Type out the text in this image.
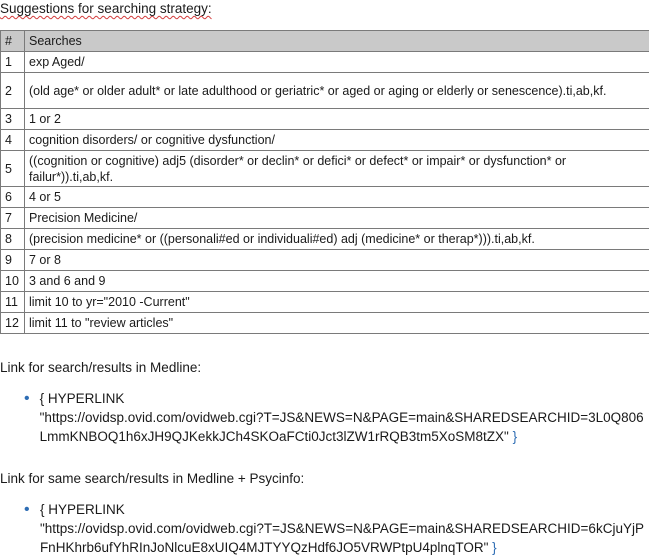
Suggestions for searching strategy:
#	Searches
1	exp Aged/
2	(old age* or older adult* or late adulthood or geriatric* or aged or aging or elderly or senescence).ti,ab,kf.
3	1 or 2
4	cognition disorders/ or cognitive dysfunction/
5	((cognition or cognitive) adj5 (disorder* or declin* or defici* or defect* or impair* or dysfunction* or failur*)).ti,ab,kf.
6	4 or 5
7	Precision Medicine/
8	(precision medicine* or ((personali#ed or individuali#ed) adj (medicine* or therap*))).ti,ab,kf.
9	7 or 8
10	3 and 6 and 9
11	limit 10 to yr="2010 -Current"
12	limit 11 to "review articles"
Link for search/results in Medline:
• { HYPERLINK
"https://ovidsp.ovid.com/ovidweb.cgi?T=JS&NEWS=N&PAGE=main&SHAREDSEARCHID=3L0Q806LmmKNBOQ1h6xJH9QJKekkJCh4SKOaFCti0Jct3lZW1rRQB3tm5XoSM8tZX" }
Link for same search/results in Medline + Psycinfo:
• { HYPERLINK
"https://ovidsp.ovid.com/ovidweb.cgi?T=JS&NEWS=N&PAGE=main&SHAREDSEARCHID=6kCjuYjPFnHKhrb6ufYhRInJoNlcuE8xUIQ4MJTYYQzHdf6JO5VRWPtpU4plnqTOR" }
